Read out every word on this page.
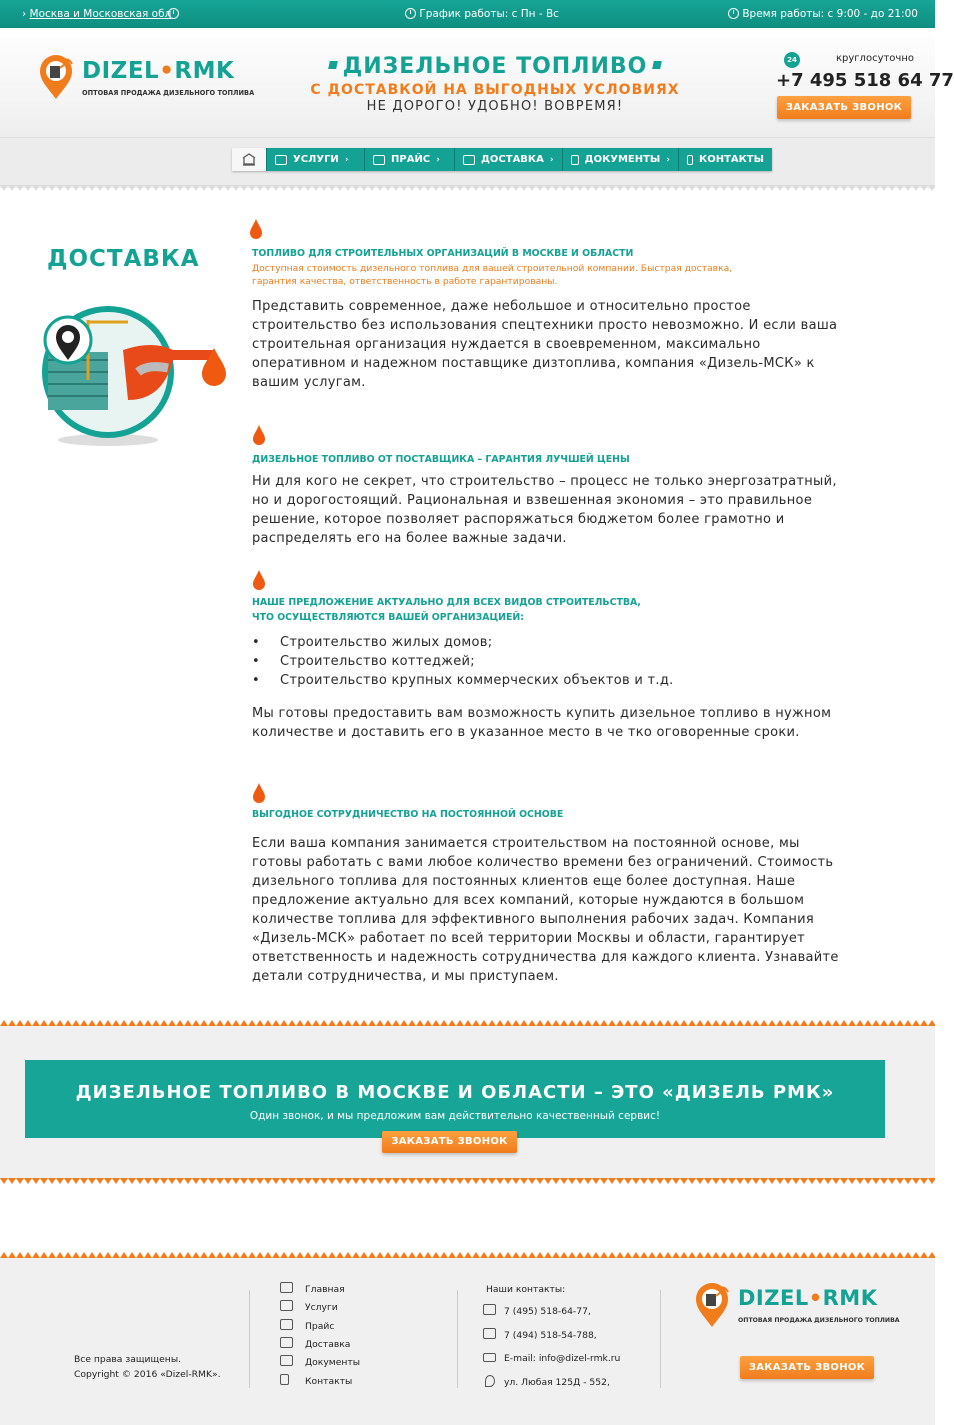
› Москва и Московская обл	График работы: с Пн - Вс	Время работы: с 9:00 - до 21:00
DIZEL•RMK
ОПТОВАЯ ПРОДАЖА ДИЗЕЛЬНОГО ТОПЛИВА
ДИЗЕЛЬНОЕ ТОПЛИВО
С ДОСТАВКОЙ НА ВЫГОДНЫХ УСЛОВИЯХ
НЕ ДОРОГО! УДОБНО! ВОВРЕМЯ!
24	круглосуточно
+7 495 518 64 77
ЗАКАЗАТЬ ЗВОНОК
УСЛУГИ ›	ПРАЙС ›	ДОСТАВКА ›	ДОКУМЕНТЫ ›	КОНТАКТЫ
ДОСТАВКА	ТОПЛИВО ДЛЯ СТРОИТЕЛЬНЫХ ОРГАНИЗАЦИЙ В МОСКВЕ И ОБЛАСТИ
Доступная стоимость дизельного топлива для вашей строительной компании. Быстрая доставка,
гарантия качества, ответственность в работе гарантированы.
Представить современное, даже небольшое и относительно простое строительство без использования спецтехники просто невозможно. И если ваша строительная организация нуждается в своевременном, максимально оперативном и надежном поставщике дизтоплива, компания «Дизель-МСК» к вашим услугам.
ДИЗЕЛЬНОЕ ТОПЛИВО ОТ ПОСТАВЩИКА – ГАРАНТИЯ ЛУЧШЕЙ ЦЕНЫ
Ни для кого не секрет, что строительство – процесс не только энергозатратный, но и дорогостоящий. Рациональная и взвешенная экономия – это правильное решение, которое позволяет распоряжаться бюджетом более грамотно и распределять его на более важные задачи.
НАШЕ ПРЕДЛОЖЕНИЕ АКТУАЛЬНО ДЛЯ ВСЕХ ВИДОВ СТРОИТЕЛЬСТВА,
ЧТО ОСУЩЕСТВЛЯЮТСЯ ВАШЕЙ ОРГАНИЗАЦИЕЙ:
• Строительство жилых домов;
• Строительство коттеджей;
• Строительство крупных коммерческих объектов и т.д.
Мы готовы предоставить вам возможность купить дизельное топливо в нужном количестве и доставить его в указанное место в че тко оговоренные сроки.
ВЫГОДНОЕ СОТРУДНИЧЕСТВО НА ПОСТОЯННОЙ ОСНОВЕ
Если ваша компания занимается строительством на постоянной основе, мы готовы работать с вами любое количество времени без ограничений. Стоимость дизельного топлива для постоянных клиентов еще более доступная. Наше предложение актуально для всех компаний, которые нуждаются в большом количестве топлива для эффективного выполнения рабочих задач. Компания «Дизель-МСК» работает по всей территории Москвы и области, гарантирует ответственность и надежность сотрудничества для каждого клиента. Узнавайте детали сотрудничества, и мы приступаем.
ДИЗЕЛЬНОЕ ТОПЛИВО В МОСКВЕ И ОБЛАСТИ – ЭТО «ДИЗЕЛЬ РМК»
Один звонок, и мы предложим вам действительно качественный сервис!
ЗАКАЗАТЬ ЗВОНОК
Все права защищены.
Copyright © 2016 «Dizel-RMK».
Главная
Услуги
Прайс
Доставка
Документы
Контакты
Наши контакты:
7 (495) 518-64-77,
7 (494) 518-54-788,
E-mail: info@dizel-rmk.ru
ул. Любая 125Д - 552,
DIZEL•RMK
ОПТОВАЯ ПРОДАЖА ДИЗЕЛЬНОГО ТОПЛИВА
ЗАКАЗАТЬ ЗВОНОК
